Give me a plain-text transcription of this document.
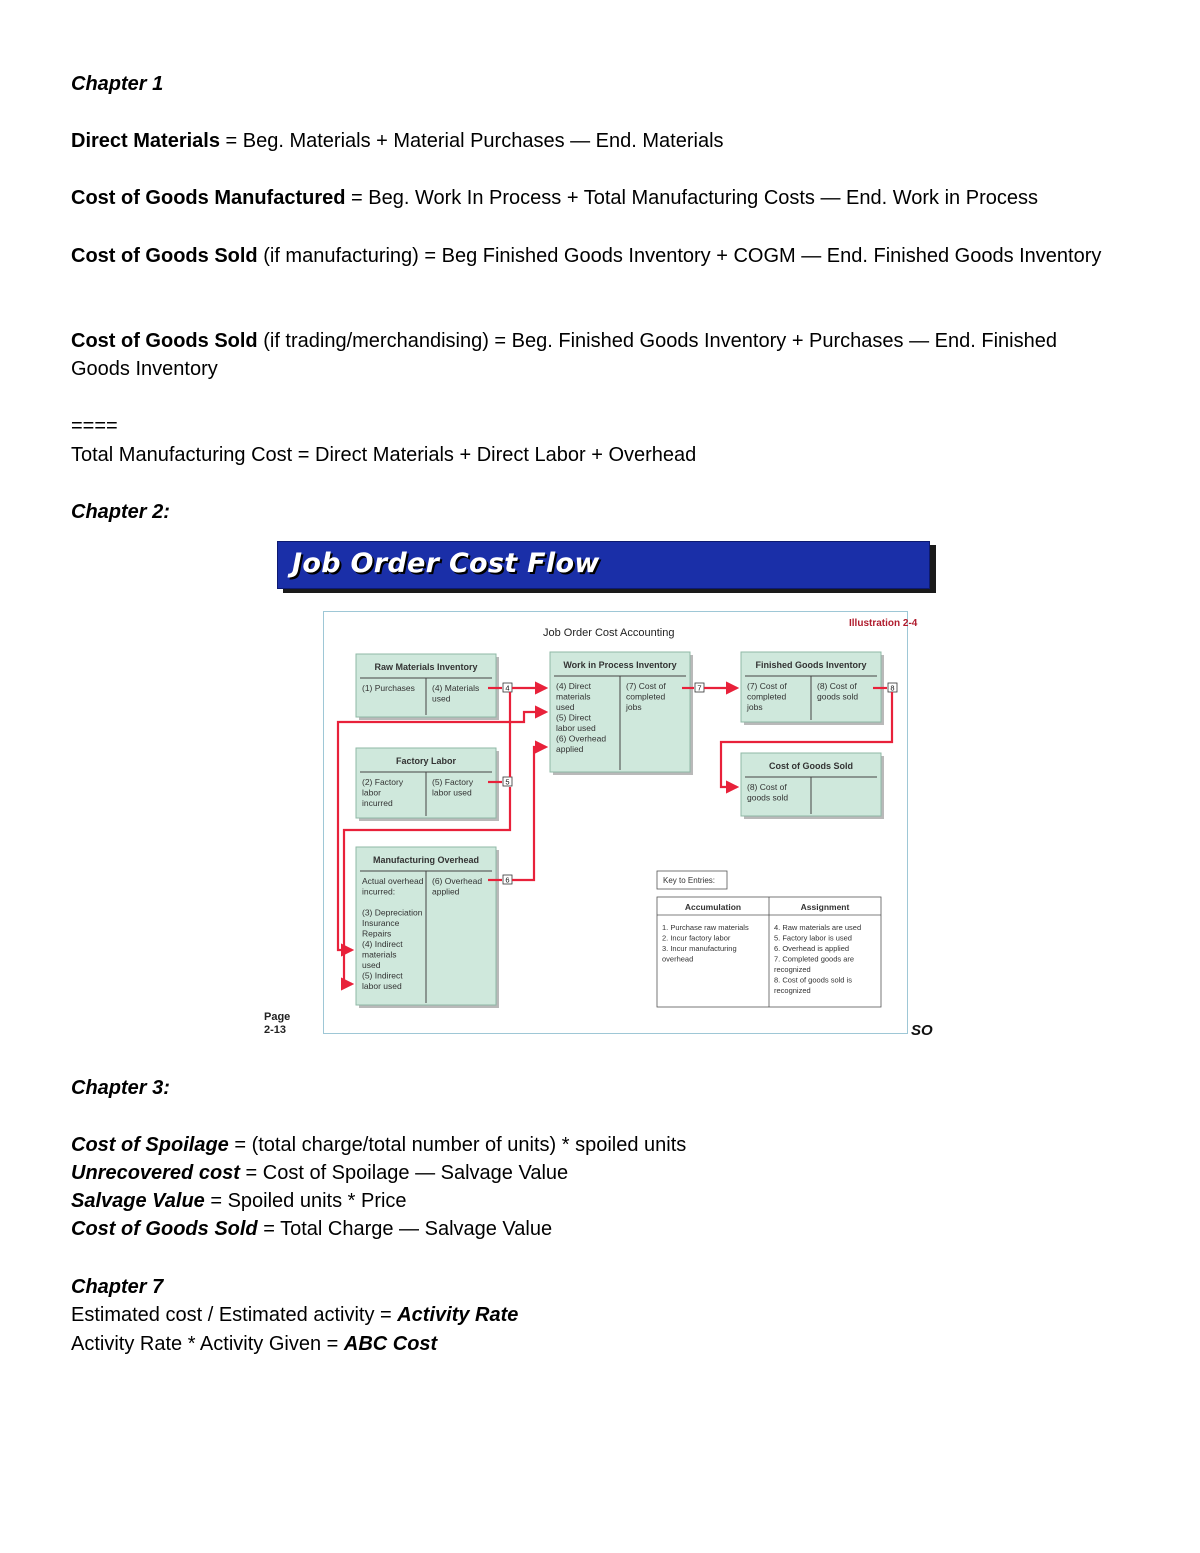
Chapter 1

Direct Materials = Beg. Materials + Material Purchases — End. Materials

Cost of Goods Manufactured = Beg. Work In Process + Total Manufacturing Costs — End. Work in Process

Cost of Goods Sold (if manufacturing) = Beg Finished Goods Inventory + COGM — End. Finished Goods Inventory

Cost of Goods Sold (if trading/merchandising) = Beg. Finished Goods Inventory + Purchases — End. Finished Goods Inventory

====

Total Manufacturing Cost = Direct Materials + Direct Labor + Overhead

Chapter 2:

Job Order Cost Flow
Job Order Cost Accounting
Illustration 2-4
Raw Materials Inventory
(1) Purchases (4) Materials
used
Factory Labor
(2) Factory
labor
incurred
(5) Factory
labor used
Manufacturing Overhead
Actual overhead
incurred:
(3) Depreciation
Insurance
Repairs
(4) Indirect
materials
used
(5) Indirect
labor used
(6) Overhead
applied
Work in Process Inventory
(4) Direct
materials
used
(5) Direct
labor used
(6) Overhead
applied
(7) Cost of
completed
jobs
Finished Goods Inventory
(7) Cost of
completed
jobs
(8) Cost of
goods sold
Cost of Goods Sold
(8) Cost of
goods sold
4
5
6
7	8
Key to Entries:
Accumulation	Assignment
1. Purchase raw materials
2. Incur factory labor
3. Incur manufacturing
overhead
4. Raw materials are used
5. Factory labor is used
6. Overhead is applied
7. Completed goods are
recognized
8. Cost of goods sold is
recognized
Page
2-13	SO

Chapter 3:

Cost of Spoilage = (total charge/total number of units) * spoiled units

Unrecovered cost = Cost of Spoilage — Salvage Value

Salvage Value = Spoiled units * Price

Cost of Goods Sold = Total Charge — Salvage Value

Chapter 7

Estimated cost / Estimated activity = Activity Rate

Activity Rate * Activity Given = ABC Cost
